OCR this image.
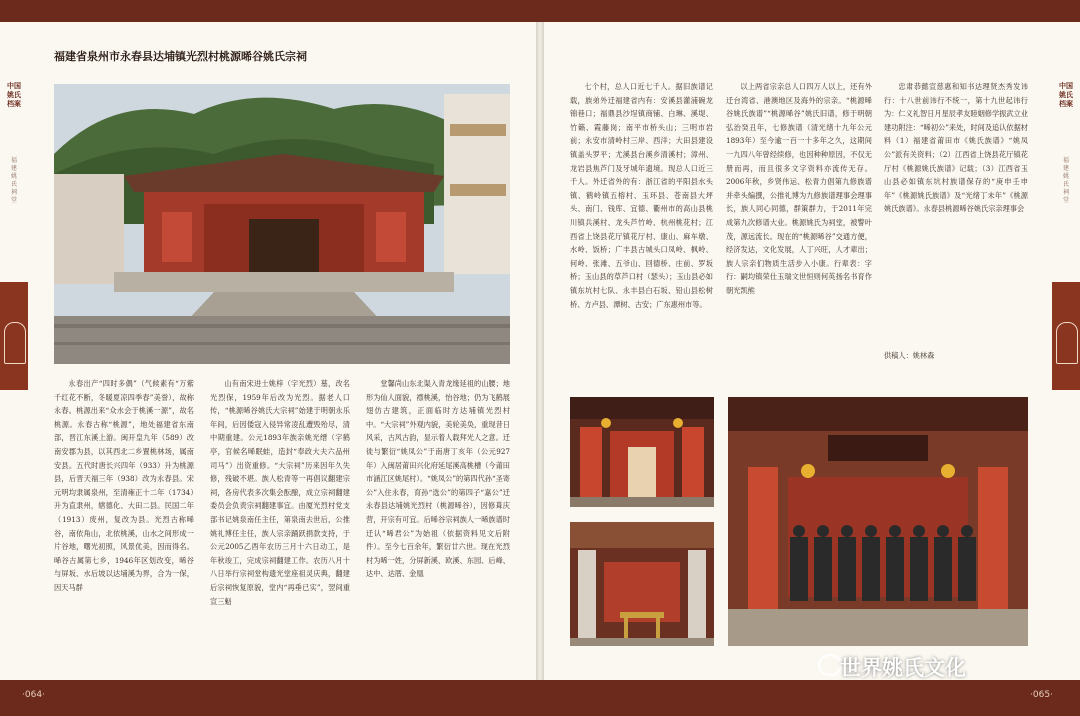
中国姚氏档案
福建姚氏祠堂
中国姚氏档案
福建姚氏祠堂
福建省泉州市永春县达埔镇光烈村桃源晞谷姚氏宗祠

永春出产“四时多偶”（气候素有“万紫千红花不断，冬暖夏凉四季春”美誉），故称永春。桃源出来“众水会于桃溪一源”，故名桃源。永春古称“桃源”，地处福建省东南部，晋江东溪上游。闽开皇九年（589）改南安郡为县，以其西北二乡置桃林场，属南安县。五代时唐长兴四年（933）升为桃源县，后晋天福三年（938）改为永春县。宋元明均隶属泉州，至清雍正十二年（1734）升为直隶州，辖德化、大田二县。民国二年（1913）废州，复改为县。光烈古称晞谷，南依角山，北依桃溪，山水之间形成一片谷地，曙光初照，风景优美，因而得名。晞谷古属第七乡，1946年区划改变，晞谷与屏坂、水后坡以达埔溪为界，合为一保，因天马群

山有南宋进士姚梓（字光烈）墓，改名光烈保，1959年后改为光烈。据老人口传，“桃源晞谷姚氏大宗祠”始建于明朝永乐年间，后因倭寇入侵异常凌乱遭毁殆尽，清中期重建。公元1893年族亲姚光缙（字鹤亭，官候名晞眠蛙，造封“奉政大夫六品州司马”）出资重修。“大宗祠”历来因年久失修，残破不堪。族人松青等一再倡议翻建宗祠，各房代表多次集会酝酿，成立宗祠翻建委员会负责宗祠翻建事宜。由厦光烈村党支部书记姚泉南任主任，第泉南去世后，公推姚礼博任主任，族人宗亲踊跃捐款支持，于公元2005乙酉年农历三月十六日动工，是年秋竣工，完成宗祠翻建工作。农历八月十八日举行宗祠堂构遗光堂座祖灵庆典，翻建后宗祠恢复原貌，堂内“再垂已实”，翌间重宣三魁

堂馨尚山东北渠入青龙缘延祖的山腰；地形为仙人面貌，襟桃溪，怡谷地；仍为飞鹤展翅仿古建筑，正面临时方达埔镇光烈村中。“大宗祠”外观内貌，美轮美奂，重现昔日风采，古风古韵，显示着人载拜光人之意。迁徙与繁衍“姚凤公”于南唐丁亥年（公元927年）入闽居莆田兴化府延尾溪高桃槽（今莆田市涵江区姚尾村）。“姚凤公”的第四代孙“圣寄公”入住永春，育孙“选公”的第四子“嘉公”迁永春县达埔姚光烈村（桃源晞谷），因修葺庆营，开宗有可宜。后晞谷宗祠族人一晞族谱时迁认“晞君公”为始祖（依据资料见文后附件）。至今七百余年，繁衍廿六世。现在光烈村为晞一姓，分屏新溪、欧溪、东园、后峰、达中、达厝、金凰

七个村，总人口近七千人。据旧族谱记载，族弟外迁福建省内有：安溪县灌浦碗龙锦巷口；福鼎县沙埕镇商铺、白琳、溪堤、竹籁、霞藤岗；南平市桥头山；三明市岩前；永安市清岭村三岸、西洋；大田县建设镇盖头罗平；尤溪县台溪乡清溪村；漳州、龙岩县焦芦门及牙城年遗境。现总人口近三千人。外迁省外的有：浙江省的平阳县水头镇、鹤岭镇五榕村、玉环县、苍南县大坪头、南门、钱库、宜德、衢州市的高山县桃川镇兵溪村、龙头芦竹岭、杭州桃花村；江西省上饶县花厅镇花厅村、康山、麻车墩、水岭、饭桥；广丰县古城头口凤岭、枫岭、何岭、张滩、五爷山、回德桥、庄前、罗坂桥；玉山县的草芦口村（瑟头）；玉山县必如镇东坑村七队、永丰县白石坂、铅山县松树桥、方卢县、潭树、古安；广东惠州市等。

以上两省宗亲总人口四万人以上，还有外迁台湾省、港澳地区及海外的宗亲。“桃源晞谷姚氏族谱”“桃源晞谷”姚氏旧谱，修于明朝弘治癸丑年，七修族谱（清光绪十九年公元1893年）至今逾一百一十多年之久，这期间一九四八年曾经续修，也因种种原因，不仅无册而再，而且很多文字资料亦流传无存。2006年秋，乡贤伟运、松青力倡第九修族谱并牵头编撰，公推礼博为九修族谱理事会理事长，族人同心同德，群策群力，于2011年完成第九次修谱大业。桃源姚氏为祠堂，被警叶茂，源远流长。现在的“桃源晞谷”交通方便，经济发达，文化发展，人丁兴旺，人才辈出；族人宗亲们物质生活步入小康。行辈表：字行：嗣均镇荣仕玉瑞文世恒则何英扬名书育作朝光凯熊

忠肃恭懿宣慈惠和知书达理贤杰秀发讳行：十八世前讳行不统一，第十九世起讳行为：仁义礼智日月星辰孝友睦姻修学振武立业建功附注：“晞初公”来处，时间及追认依据材料（1）福建省莆田市《姚氏族谱》“姚凤公”派有关资料；（2）江西省上饶县花厅镇花厅村《桃源姚氏族谱》记载；（3）江西省玉山县必如镇东坑村族谱保存的“庚申壬申年”《桃源姚氏族谱》及“光绪丁未年”《桃源姚氏族谱》。永春县桃源晞谷姚氏宗亲理事会

供稿人：姚林森
·064·	·065·
世界姚氏文化
